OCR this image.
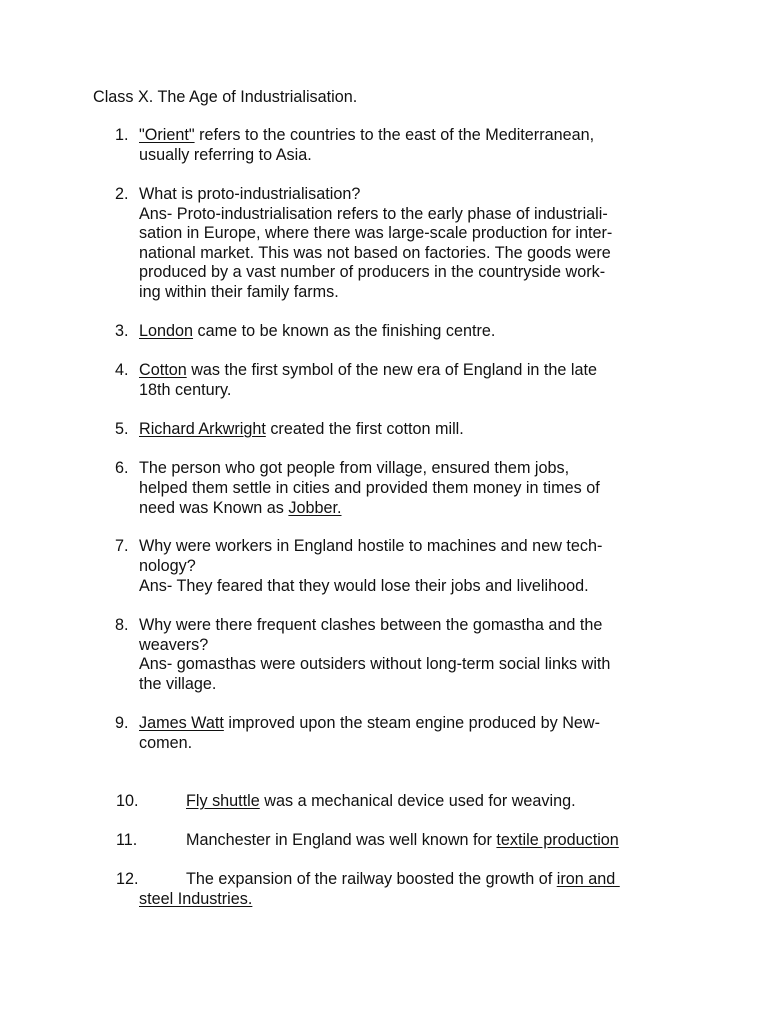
Class X. The Age of Industrialisation.
1. "Orient" refers to the countries to the east of the Mediterranean,
usually referring to Asia.
2. What is proto-industrialisation?
Ans- Proto-industrialisation refers to the early phase of industriali-
sation in Europe, where there was large-scale production for inter-
national market. This was not based on factories. The goods were
produced by a vast number of producers in the countryside work-
ing within their family farms.
3. London came to be known as the finishing centre.
4. Cotton was the first symbol of the new era of England in the late
18th century.
5. Richard Arkwright created the first cotton mill.
6. The person who got people from village, ensured them jobs,
helped them settle in cities and provided them money in times of
need was Known as Jobber.
7. Why were workers in England hostile to machines and new tech-
nology?
Ans- They feared that they would lose their jobs and livelihood.
8. Why were there frequent clashes between the gomastha and the
weavers?
Ans- gomasthas were outsiders without long-term social links with
the village.
9. James Watt improved upon the steam engine produced by New-
comen.
10.	Fly shuttle was a mechanical device used for weaving.
11.	Manchester in England was well known for textile production
12.	The expansion of the railway boosted the growth of iron and
steel Industries.
